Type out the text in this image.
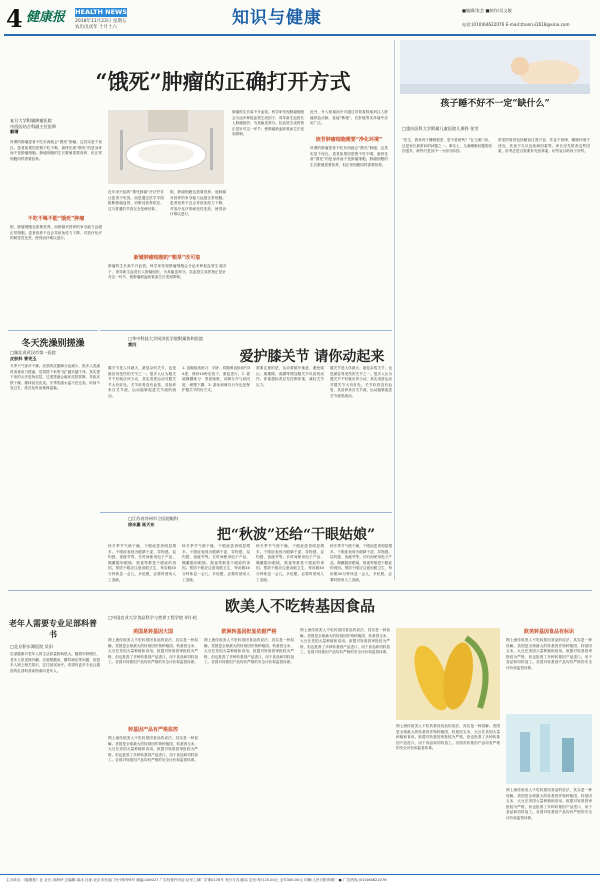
4 健康报 HEALTH NEWS
2018年11月23日 星期五
农历戊戌年 十月十六	知识与健康	■编辑/张芸 ■制作/吴文敏
电话:(010)64622076 E-mail:zhanrui1618@sina.com
“饿死”肿瘤的正确打开方式
复旦大学附属肿瘤医院
中西医结合科副主任医师
解婧
所谓的肿瘤患者不吃东西就会“饿死”肿瘤，这其实是个误区。患者如果因恐惧不吃不喝，最终先被“饿死”的是身体而不是肿瘤细胞。肿瘤细胞的生长繁殖需要营养，但正常细胞同样需要营养。
不吃不喝不能“饿死”肿瘤
胆，肿瘤细胞也需要营养，而肿瘤对营养的争夺能力远超正常细胞。患者营养不良会导致免疫力下降，对放疗化疗的耐受性变差，使得治疗难以进行。
近年来兴起的“饿死肿瘤”疗法并非让患者不吃饭，而是通过医学手段阻断肿瘤血管，切断其营养供应，这与普通的节食完全是两回事。
胆，肿瘤细胞也需要营养，而肿瘤对营养的争夺能力远超正常细胞。患者营养不良会导致免疫力下降，对放疗化疗的耐受性变差，使得治疗难以进行。
新辅肿瘤细胞的“粮草”改可取
肿瘤的生长离不开血管。科学家发现肿瘤细胞会分泌多种促血管生成因子，诱导新生血管长入肿瘤组织，为其输送养分。抗血管生成药物正是针对这一环节，使肿瘤缺血缺氧而生长受到抑制。
肿瘤的生长离不开血管。科学家发现肿瘤细胞会分泌多种促血管生成因子，诱导新生血管长入肿瘤组织，为其输送养分。抗血管生成药物正是针对这一环节，使肿瘤缺血缺氧而生长受到抑制。
此外，介入栓塞治疗可通过导管将栓塞剂注入肿瘤供血动脉，直接“断粮”，在肝癌等实体瘤中应用广泛。
核苷肿瘤细胞需要“净化环境”
所谓的肿瘤患者不吃东西就会“饿死”肿瘤，这其实是个误区。患者如果因恐惧不吃不喝，最终先被“饿死”的是身体而不是肿瘤细胞。肿瘤细胞的生长繁殖需要营养，但正常细胞同样需要营养。
孩子睡不好不一定“缺什么”
□重庆医科大学附属儿童医院儿保科 张雪
“医生，我家孩子睡眠很差，是不是缺钙？”在儿保门诊，这是家长最常问的问题之一。事实上，儿童睡眠问题的原因很多，缺钙只是其中一小部分原因。
常见的原因包括睡前过度兴奋、作息不规律、睡眠环境不适宜、饮食不当以及疾病因素等。家长应先排查这些因素，再考虑是否需要补充营养素，切勿盲目给孩子补钙。
□华中科技大学同济医学院附属协和医院
黄四
爱护膝关节 请你动起来
膝关节是人体最大、最复杂的关节，也是最容易受伤的关节之一。很多人认为膝关节不好就应该少动，其实适度运动对膝关节大有好处。关节软骨没有血管，其营养来自关节液，运动能够促进关节液的流动。
1. 直腿抬高练习：平卧，将腿伸直抬高约30度，保持10秒后放下，重复进行。2. 靠墙静蹲练习：背靠墙壁，双脚分开与肩同宽，缓慢下蹲。3. 游泳和骑自行车也是保护膝关节的好方式。
需要注意的是，运动要循序渐进，避免爬山、爬楼梯、深蹲等增加膝关节负担的动作。体重超标者应先控制体重，减轻关节压力。
膝关节是人体最大、最复杂的关节，也是最容易受伤的关节之一。很多人认为膝关节不好就应该少动，其实适度运动对膝关节大有好处。关节软骨没有血管，其营养来自关节液，运动能够促进关节液的流动。
冬天洗澡别搓澡
□湖北省武汉市第一医院
皮肤科 曾宪玉
冬季天气寒冷干燥，皮肤的皮脂腺分泌减少，很多人洗澡时喜欢用力搓澡，觉得搓下来的“泥”越多越干净。其实搓下来的大多是角质层，过度搓澡会破坏皮肤屏障，导致皮肤干燥、瘙痒甚至皮炎。冬季洗澡水温不宜过高，时间不宜过长，洗后及时涂抹保湿霜。
□江苏省苏州市立医院眼科
徐冰嘉 陈天东
把“秋波”还给“干眼姑娘”
秋冬季节气候干燥，干眼症患者明显增多。干眼症表现为眼睛干涩、异物感、烧灼感、视疲劳等。长时间使用电子产品、佩戴隐形眼镜、熬夜等都是干眼症的诱因。预防干眼应注意用眼卫生，每用眼40分钟休息一会儿，多眨眼，必要时使用人工泪液。
秋冬季节气候干燥，干眼症患者明显增多。干眼症表现为眼睛干涩、异物感、烧灼感、视疲劳等。长时间使用电子产品、佩戴隐形眼镜、熬夜等都是干眼症的诱因。预防干眼应注意用眼卫生，每用眼40分钟休息一会儿，多眨眼，必要时使用人工泪液。
秋冬季节气候干燥，干眼症患者明显增多。干眼症表现为眼睛干涩、异物感、烧灼感、视疲劳等。长时间使用电子产品、佩戴隐形眼镜、熬夜等都是干眼症的诱因。预防干眼应注意用眼卫生，每用眼40分钟休息一会儿，多眨眼，必要时使用人工泪液。
秋冬季节气候干燥，干眼症患者明显增多。干眼症表现为眼睛干涩、异物感、烧灼感、视疲劳等。长时间使用电子产品、佩戴隐形眼镜、熬夜等都是干眼症的诱因。预防干眼应注意用眼卫生，每用眼40分钟休息一会儿，多眨眼，必要时使用人工泪液。
欧美人不吃转基因食品
□中国农业大学食品科学与营养工程学院 胡小松
老年人需要专业足部科普书
□北京积水潭医院 吴旧
足部健康对老年人的生活质量影响很大。随着年龄增长，老年人常见拇外翻、足底筋膜炎、糖尿病足等问题，但很多人缺乏相关知识，往往延误治疗。希望有更多专业且通俗的足部科普读物面向老年人。
美国是转基因大国
网上流传欧美人不吃转基因食品的说法，其实是一种误解。美国是全球最大的转基因作物种植国，转基因玉米、大豆在美国大量种植和食用。欧盟对转基因审批较为严格，但也批准了多种转基因产品进口，用于食品和饲料加工。各国对转基因产品均有严格的安全评价和监管体系。
转基因产品有严格监控
网上流传欧美人不吃转基因食品的说法，其实是一种误解。美国是全球最大的转基因作物种植国，转基因玉米、大豆在美国大量种植和食用。欧盟对转基因审批较为严格，但也批准了多种转基因产品进口，用于食品和饲料加工。各国对转基因产品均有严格的安全评价和监管体系。
欧洲转基因批复依据严格
网上流传欧美人不吃转基因食品的说法，其实是一种误解。美国是全球最大的转基因作物种植国，转基因玉米、大豆在美国大量种植和食用。欧盟对转基因审批较为严格，但也批准了多种转基因产品进口，用于食品和饲料加工。各国对转基因产品均有严格的安全评价和监管体系。
网上流传欧美人不吃转基因食品的说法，其实是一种误解。美国是全球最大的转基因作物种植国，转基因玉米、大豆在美国大量种植和食用。欧盟对转基因审批较为严格，但也批准了多种转基因产品进口，用于食品和饲料加工。各国对转基因产品均有严格的安全评价和监管体系。
网上流传欧美人不吃转基因食品的说法，其实是一种误解。美国是全球最大的转基因作物种植国，转基因玉米、大豆在美国大量种植和食用。欧盟对转基因审批较为严格，但也批准了多种转基因产品进口，用于食品和饲料加工。各国对转基因产品均有严格的安全评价和监管体系。
欧美转基因食品有标识
网上流传欧美人不吃转基因食品的说法，其实是一种误解。美国是全球最大的转基因作物种植国，转基因玉米、大豆在美国大量种植和食用。欧盟对转基因审批较为严格，但也批准了多种转基因产品进口，用于食品和饲料加工。各国对转基因产品均有严格的安全评价和监管体系。
网上流传欧美人不吃转基因食品的说法，其实是一种误解。美国是全球最大的转基因作物种植国，转基因玉米、大豆在美国大量种植和食用。欧盟对转基因审批较为严格，但也批准了多种转基因产品进口，用于食品和饲料加工。各国对转基因产品均有严格的安全评价和监管体系。
主办单位:《健康报》社 社长:邓海华 总编辑:周冰 社址:北京市东直门外小街甲6号 邮编:100027 广告经营许可证:京东工商广字第0178号 发行方式:邮局 定价:每月25.00元 全年300.00元 印刷:人民日报印刷厂 ● 广告热线:(010)64622076
